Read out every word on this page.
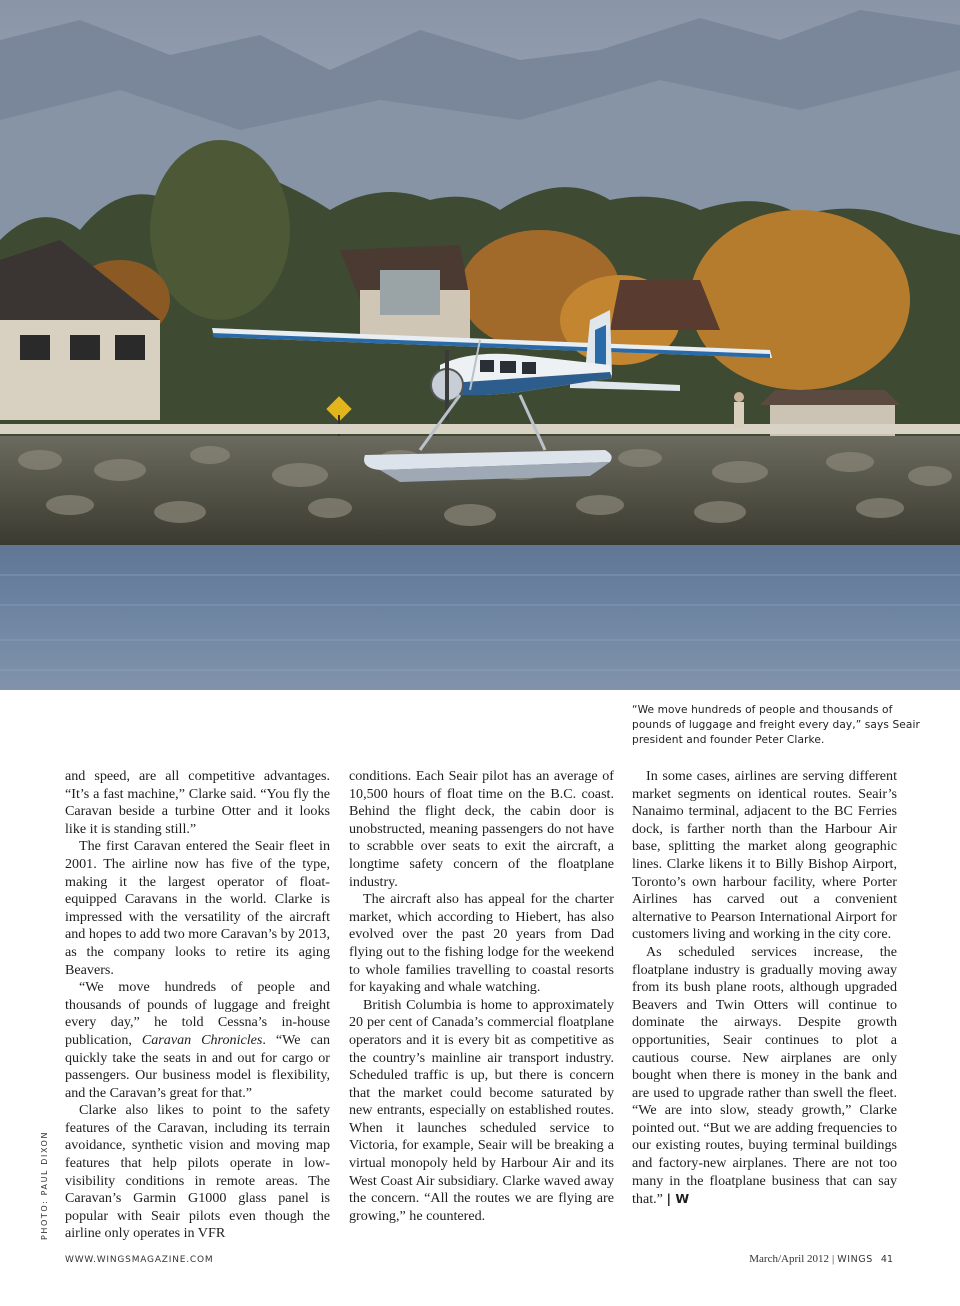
“We move hundreds of people and thousands of pounds of luggage and freight every day,” says Seair president and founder Peter Clarke.

and speed, are all competitive advantages. “It’s a fast machine,” Clarke said. “You fly the Caravan beside a turbine Otter and it looks like it is standing still.”

The first Caravan entered the Seair fleet in 2001. The airline now has five of the type, making it the largest operator of float-equipped Caravans in the world. Clarke is impressed with the versatility of the aircraft and hopes to add two more Caravan’s by 2013, as the company looks to retire its aging Beavers.

“We move hundreds of people and thousands of pounds of luggage and freight every day,” he told Cessna’s in-house publication, Caravan Chronicles. “We can quickly take the seats in and out for cargo or passengers. Our business model is flexibility, and the Caravan’s great for that.”

Clarke also likes to point to the safety features of the Caravan, including its terrain avoidance, synthetic vision and moving map features that help pilots operate in low-visibility conditions in remote areas. The Caravan’s Garmin G1000 glass panel is popular with Seair pilots even though the airline only operates in VFR

conditions. Each Seair pilot has an average of 10,500 hours of float time on the B.C. coast. Behind the flight deck, the cabin door is unobstructed, meaning passengers do not have to scrabble over seats to exit the aircraft, a longtime safety concern of the floatplane industry.

The aircraft also has appeal for the charter market, which according to Hiebert, has also evolved over the past 20 years from Dad flying out to the fishing lodge for the weekend to whole families travelling to coastal resorts for kayaking and whale watching.

British Columbia is home to approximately 20 per cent of Canada’s commercial floatplane operators and it is every bit as competitive as the country’s mainline air transport industry. Scheduled traffic is up, but there is concern that the market could become saturated by new entrants, especially on established routes. When it launches scheduled service to Victoria, for example, Seair will be breaking a virtual monopoly held by Harbour Air and its West Coast Air subsidiary. Clarke waved away the concern. “All the routes we are flying are growing,” he countered.

In some cases, airlines are serving different market segments on identical routes. Seair’s Nanaimo terminal, adjacent to the BC Ferries dock, is farther north than the Harbour Air base, splitting the market along geographic lines. Clarke likens it to Billy Bishop Airport, Toronto’s own harbour facility, where Porter Airlines has carved out a convenient alternative to Pearson International Airport for customers living and working in the city core.

As scheduled services increase, the floatplane industry is gradually moving away from its bush plane roots, although upgraded Beavers and Twin Otters will continue to dominate the airways. Despite growth opportunities, Seair continues to plot a cautious course. New airplanes are only bought when there is money in the bank and are used to upgrade rather than swell the fleet. “We are into slow, steady growth,” Clarke pointed out. “But we are adding frequencies to our existing routes, buying terminal buildings and factory-new airplanes. There are not too many in the floatplane business that can say that.” | W

PHOTO: PAUL DIXON
WWW.WINGSMAGAZINE.COM	March/April 2012 | WINGS 41
